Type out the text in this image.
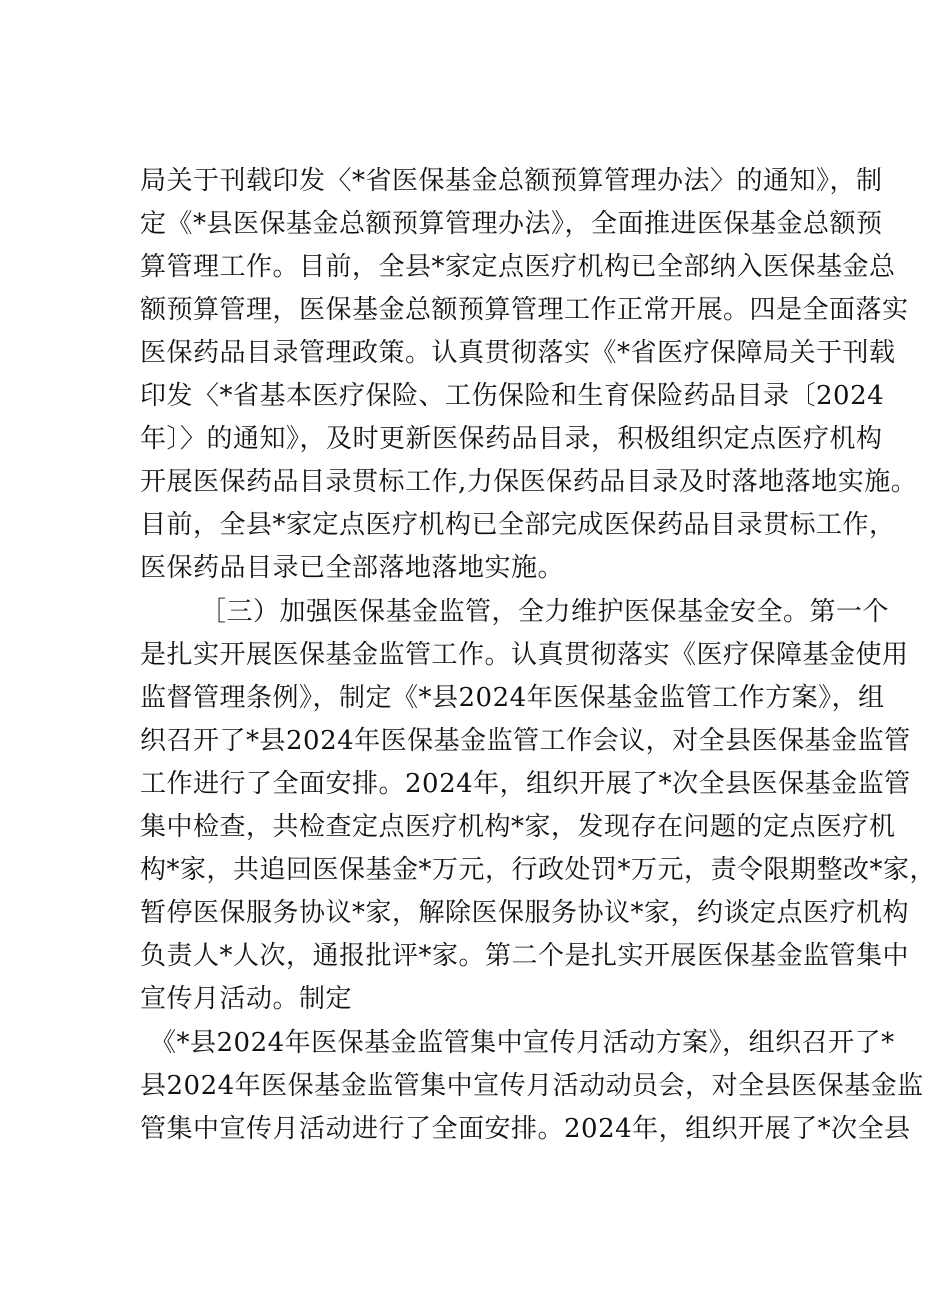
局关于刊载印发〈*省医保基金总额预算管理办法〉的通知》，制
定《*县医保基金总额预算管理办法》，全面推进医保基金总额预
算管理工作。目前，全县*家定点医疗机构已全部纳入医保基金总
额预算管理，医保基金总额预算管理工作正常开展。四是全面落实
医保药品目录管理政策。认真贯彻落实《*省医疗保障局关于刊载
印发〈*省基本医疗保险、工伤保险和生育保险药品目录〔2024
年〕〉的通知》，及时更新医保药品目录，积极组织定点医疗机构
开展医保药品目录贯标工作,力保医保药品目录及时落地落地实施。
目前，全县*家定点医疗机构已全部完成医保药品目录贯标工作，
医保药品目录已全部落地落地实施。
［三）加强医保基金监管，全力维护医保基金安全。第一个
是扎实开展医保基金监管工作。认真贯彻落实《医疗保障基金使用
监督管理条例》，制定《*县2024年医保基金监管工作方案》，组
织召开了*县2024年医保基金监管工作会议，对全县医保基金监管
工作进行了全面安排。2024年，组织开展了*次全县医保基金监管
集中检查，共检查定点医疗机构*家，发现存在问题的定点医疗机
构*家，共追回医保基金*万元，行政处罚*万元，责令限期整改*家，
暂停医保服务协议*家，解除医保服务协议*家，约谈定点医疗机构
负责人*人次，通报批评*家。第二个是扎实开展医保基金监管集中
宣传月活动。制定
《*县2024年医保基金监管集中宣传月活动方案》，组织召开了*
县2024年医保基金监管集中宣传月活动动员会，对全县医保基金监
管集中宣传月活动进行了全面安排。2024年，组织开展了*次全县
